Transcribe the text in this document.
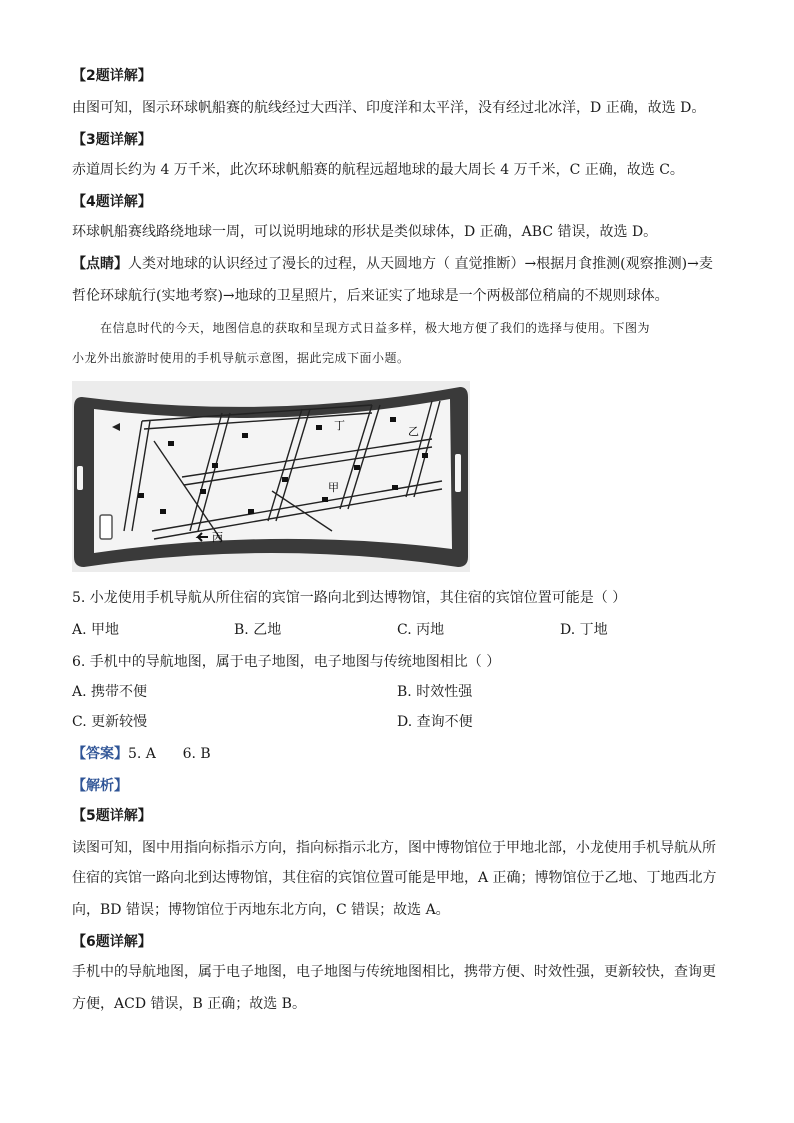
【2题详解】
由图可知，图示环球帆船赛的航线经过大西洋、印度洋和太平洋，没有经过北冰洋，D 正确，故选 D。
【3题详解】
赤道周长约为 4 万千米，此次环球帆船赛的航程远超地球的最大周长 4 万千米，C 正确，故选 C。
【4题详解】
环球帆船赛线路绕地球一周，可以说明地球的形状是类似球体，D 正确，ABC 错误，故选 D。
【点睛】人类对地球的认识经过了漫长的过程，从天圆地方（ 直觉推断）→根据月食推测(观察推测)→麦
哲伦环球航行(实地考察)→地球的卫星照片，后来证实了地球是一个两极部位稍扁的不规则球体。
在信息时代的今天，地图信息的获取和呈现方式日益多样，极大地方便了我们的选择与使用。下图为
小龙外出旅游时使用的手机导航示意图，据此完成下面小题。
甲
乙
丙
丁
5. 小龙使用手机导航从所住宿的宾馆一路向北到达博物馆，其住宿的宾馆位置可能是（ ）
A. 甲地	B. 乙地	C. 丙地	D. 丁地
6. 手机中的导航地图，属于电子地图，电子地图与传统地图相比（ ）
A. 携带不便	B. 时效性强
C. 更新较慢	D. 查询不便
【答案】5. A      6. B
【解析】
【5题详解】
读图可知，图中用指向标指示方向，指向标指示北方，图中博物馆位于甲地北部，小龙使用手机导航从所
住宿的宾馆一路向北到达博物馆，其住宿的宾馆位置可能是甲地，A 正确；博物馆位于乙地、丁地西北方
向，BD 错误；博物馆位于丙地东北方向，C 错误；故选 A。
【6题详解】
手机中的导航地图，属于电子地图，电子地图与传统地图相比，携带方便、时效性强，更新较快，查询更
方便，ACD 错误，B 正确；故选 B。
